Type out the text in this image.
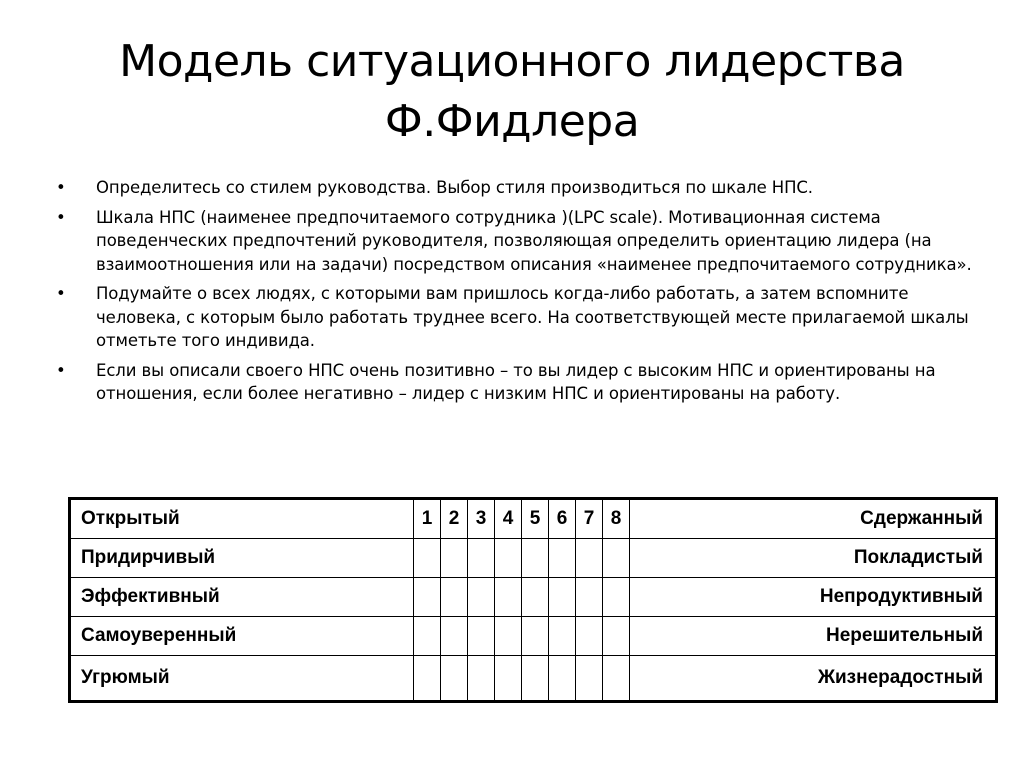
Модель ситуационного лидерства
Ф.Фидлера
• Определитесь со стилем руководства. Выбор стиля производиться по шкале НПС.
• Шкала НПС (наименее предпочитаемого сотрудника )(LPC scale). Мотивационная система поведенческих предпочтений руководителя, позволяющая определить ориентацию лидера (на взаимоотношения или на задачи) посредством описания «наименее предпочитаемого сотрудника».
• Подумайте о всех людях, с которыми вам пришлось когда-либо работать, а затем вспомните человека, с которым было работать труднее всего. На соответствующей месте прилагаемой шкалы отметьте того индивида.
• Если вы описали своего НПС очень позитивно – то вы лидер с высоким НПС и ориентированы на отношения, если более негативно – лидер с низким НПС и ориентированы на работу.
Открытый	1	2	3	4	5	6	7	8	Сдержанный
Придирчивый									Покладистый
Эффективный									Непродуктивный
Самоуверенный									Нерешительный
Угрюмый									Жизнерадостный
